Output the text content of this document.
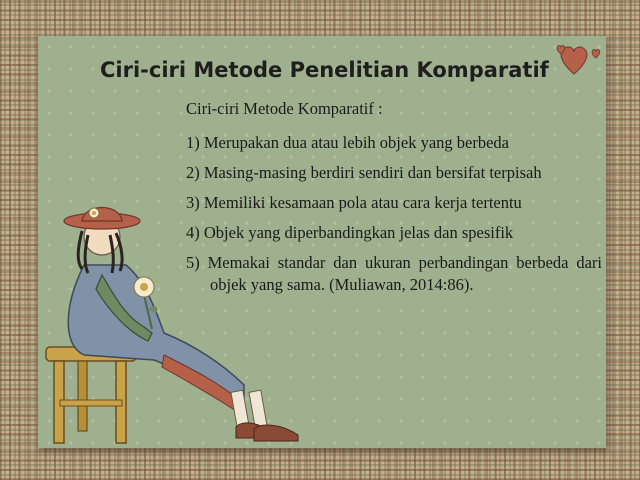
Ciri-ciri Metode Penelitian Komparatif

Ciri-ciri Metode Komparatif :

1) Merupakan dua atau lebih objek yang berbeda

2) Masing-masing berdiri sendiri dan bersifat terpisah

3) Memiliki kesamaan pola atau cara kerja tertentu

4) Objek yang diperbandingkan jelas dan spesifik

5) Memakai standar dan ukuran perbandingan berbeda dari objek yang sama. (Muliawan, 2014:86).
